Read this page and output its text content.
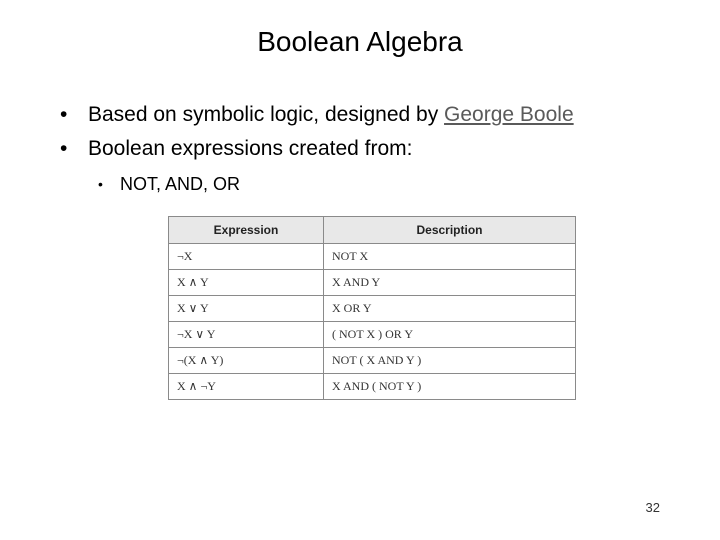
Boolean Algebra
• Based on symbolic logic, designed by George Boole
• Boolean expressions created from:
• NOT, AND, OR
Expression	Description
¬X	NOT X
X ∧ Y	X AND Y
X ∨ Y	X OR Y
¬X ∨ Y	( NOT X ) OR Y
¬(X ∧ Y)	NOT ( X AND Y )
X ∧ ¬Y	X AND ( NOT Y )
32
